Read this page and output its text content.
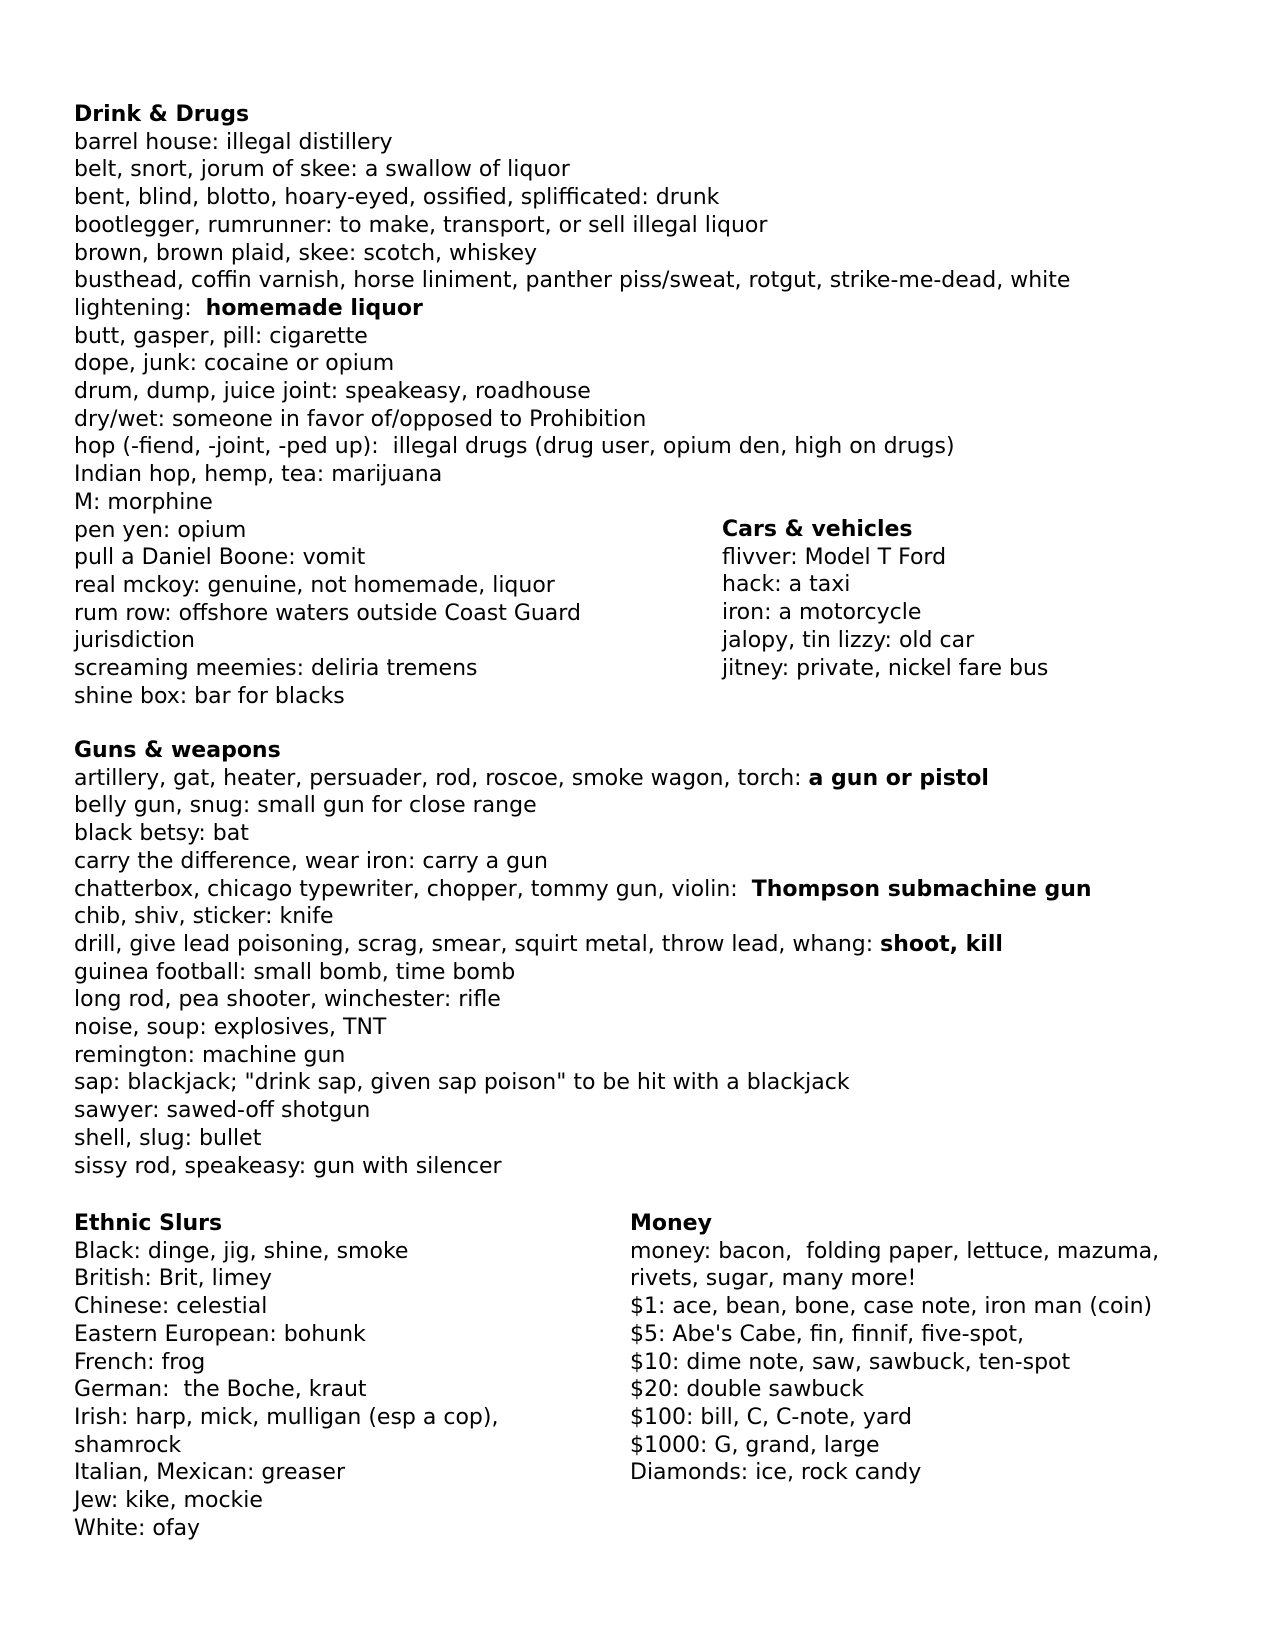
Drink & Drugs
barrel house: illegal distillery
belt, snort, jorum of skee: a swallow of liquor
bent, blind, blotto, hoary-eyed, ossified, splifficated: drunk
bootlegger, rumrunner: to make, transport, or sell illegal liquor
brown, brown plaid, skee: scotch, whiskey
busthead, coffin varnish, horse liniment, panther piss/sweat, rotgut, strike-me-dead, white
lightening:  homemade liquor
butt, gasper, pill: cigarette
dope, junk: cocaine or opium
drum, dump, juice joint: speakeasy, roadhouse
dry/wet: someone in favor of/opposed to Prohibition
hop (-fiend, -joint, -ped up):  illegal drugs (drug user, opium den, high on drugs)
Indian hop, hemp, tea: marijuana
M: morphine
pen yen: opium
pull a Daniel Boone: vomit
real mckoy: genuine, not homemade, liquor
rum row: offshore waters outside Coast Guard
jurisdiction
screaming meemies: deliria tremens
shine box: bar for blacks
Cars & vehicles
flivver: Model T Ford
hack: a taxi
iron: a motorcycle
jalopy, tin lizzy: old car
jitney: private, nickel fare bus
Guns & weapons
artillery, gat, heater, persuader, rod, roscoe, smoke wagon, torch: a gun or pistol
belly gun, snug: small gun for close range
black betsy: bat
carry the difference, wear iron: carry a gun
chatterbox, chicago typewriter, chopper, tommy gun, violin:  Thompson submachine gun
chib, shiv, sticker: knife
drill, give lead poisoning, scrag, smear, squirt metal, throw lead, whang: shoot, kill
guinea football: small bomb, time bomb
long rod, pea shooter, winchester: rifle
noise, soup: explosives, TNT
remington: machine gun
sap: blackjack; "drink sap, given sap poison" to be hit with a blackjack
sawyer: sawed-off shotgun
shell, slug: bullet
sissy rod, speakeasy: gun with silencer
Ethnic Slurs
Black: dinge, jig, shine, smoke
British: Brit, limey
Chinese: celestial
Eastern European: bohunk
French: frog
German:  the Boche, kraut
Irish: harp, mick, mulligan (esp a cop),
shamrock
Italian, Mexican: greaser
Jew: kike, mockie
White: ofay
Money
money: bacon,  folding paper, lettuce, mazuma,
rivets, sugar, many more!
$1: ace, bean, bone, case note, iron man (coin)
$5: Abe's Cabe, fin, finnif, five-spot,
$10: dime note, saw, sawbuck, ten-spot
$20: double sawbuck
$100: bill, C, C-note, yard
$1000: G, grand, large
Diamonds: ice, rock candy
